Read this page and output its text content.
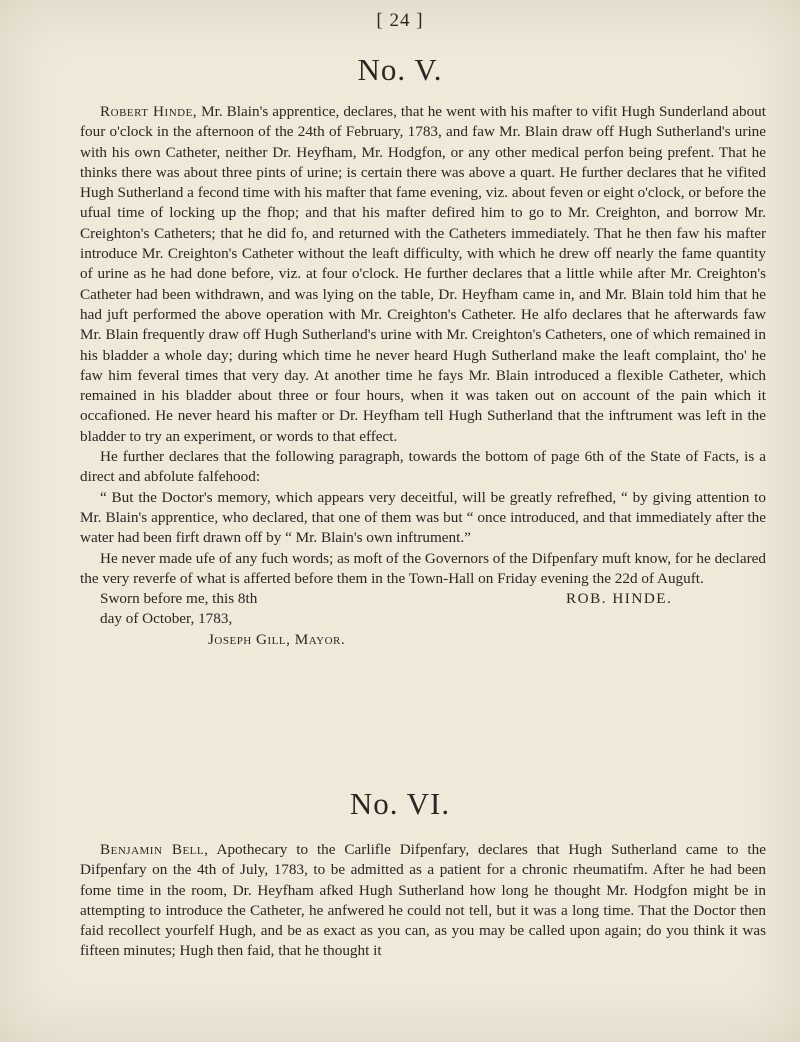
[ 24 ]
No. V.

Robert Hinde, Mr. Blain's apprentice, declares, that he went with his mafter to vifit Hugh Sunderland about four o'clock in the afternoon of the 24th of February, 1783, and faw Mr. Blain draw off Hugh Sutherland's urine with his own Catheter, neither Dr. Heyfham, Mr. Hodgfon, or any other medical perfon being prefent. That he thinks there was about three pints of urine; is certain there was above a quart. He further declares that he vifited Hugh Sutherland a fecond time with his mafter that fame evening, viz. about feven or eight o'clock, or before the ufual time of locking up the fhop; and that his mafter defired him to go to Mr. Creighton, and borrow Mr. Creighton's Catheters; that he did fo, and returned with the Catheters immediately. That he then faw his mafter introduce Mr. Creighton's Catheter without the leaft difficulty, with which he drew off nearly the fame quantity of urine as he had done before, viz. at four o'clock. He further declares that a little while after Mr. Creighton's Catheter had been withdrawn, and was lying on the table, Dr. Heyfham came in, and Mr. Blain told him that he had juft performed the above operation with Mr. Creighton's Catheter. He alfo declares that he afterwards faw Mr. Blain frequently draw off Hugh Sutherland's urine with Mr. Creighton's Catheters, one of which remained in his bladder a whole day; during which time he never heard Hugh Sutherland make the leaft complaint, tho' he faw him feveral times that very day. At another time he fays Mr. Blain introduced a flexible Catheter, which remained in his bladder about three or four hours, when it was taken out on account of the pain which it occafioned. He never heard his mafter or Dr. Heyfham tell Hugh Sutherland that the inftrument was left in the bladder to try an experiment, or words to that effect.

He further declares that the following paragraph, towards the bottom of page 6th of the State of Facts, is a direct and abfolute falfehood:

“ But the Doctor's memory, which appears very deceitful, will be greatly refrefhed, “ by giving attention to Mr. Blain's apprentice, who declared, that one of them was but “ once introduced, and that immediately after the water had been firft drawn off by “ Mr. Blain's own inftrument.”

He never made ufe of any fuch words; as moft of the Governors of the Difpenfary muft know, for he declared the very reverfe of what is afferted before them in the Town-Hall on Friday evening the 22d of Auguft.

Sworn before me, this 8th	ROB. HINDE.
day of October, 1783,

Joseph Gill, Mayor.

No. VI.

Benjamin Bell, Apothecary to the Carlifle Difpenfary, declares that Hugh Sutherland came to the Difpenfary on the 4th of July, 1783, to be admitted as a patient for a chronic rheumatifm. After he had been fome time in the room, Dr. Heyfham afked Hugh Sutherland how long he thought Mr. Hodgfon might be in attempting to introduce the Catheter, he anfwered he could not tell, but it was a long time. That the Doctor then faid recollect yourfelf Hugh, and be as exact as you can, as you may be called upon again; do you think it was fifteen minutes; Hugh then faid, that he thought it
